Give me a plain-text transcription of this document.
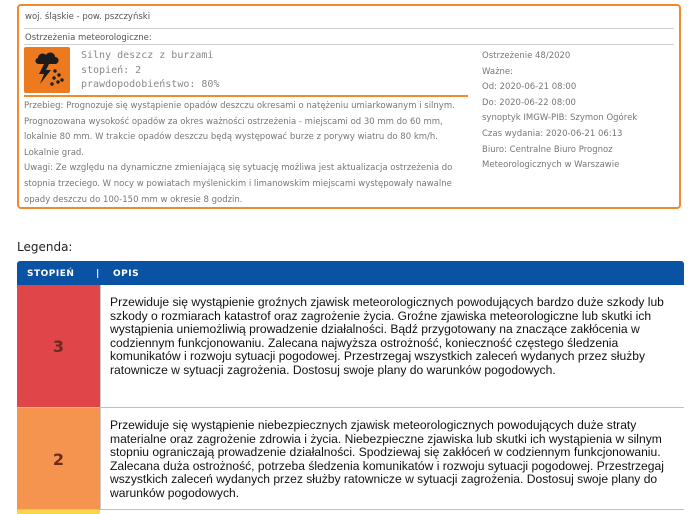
woj. śląskie - pow. pszczyński
Ostrzeżenia meteorologiczne:
Silny deszcz z burzami
stopień: 2
prawdopodobieństwo: 80%

Przebieg: Prognozuje się wystąpienie opadów deszczu okresami o natężeniu umiarkowanym i silnym. Prognozowana wysokość opadów za okres ważności ostrzeżenia - miejscami od 30 mm do 60 mm, lokalnie 80 mm. W trakcie opadów deszczu będą występować burze z porywy wiatru do 80 km/h. Lokalnie grad.

Uwagi: Ze względu na dynamiczne zmieniającą się sytuację możliwa jest aktualizacja ostrzeżenia do stopnia trzeciego. W nocy w powiatach myślenickim i limanowskim miejscami występowały nawalne opady deszczu do 100-150 mm w okresie 8 godzin.

Ostrzeżenie 48/2020
Ważne:
Od: 2020-06-21 08:00
Do: 2020-06-22 08:00
synoptyk IMGW-PIB: Szymon Ogórek
Czas wydania: 2020-06-21 06:13
Biuro: Centralne Biuro Prognoz Meteorologicznych w Warszawie
Legenda:
STOPIEŃ | OPIS
3
Przewiduje się wystąpienie groźnych zjawisk meteorologicznych powodujących bardzo duże szkody lub szkody o rozmiarach katastrof oraz zagrożenie życia. Groźne zjawiska meteorologiczne lub skutki ich wystąpienia uniemożliwią prowadzenie działalności. Bądź przygotowany na znaczące zakłócenia w codziennym funkcjonowaniu. Zalecana najwyższa ostrożność, konieczność częstego śledzenia komunikatów i rozwoju sytuacji pogodowej. Przestrzegaj wszystkich zaleceń wydanych przez służby ratownicze w sytuacji zagrożenia. Dostosuj swoje plany do warunków pogodowych.
2
Przewiduje się wystąpienie niebezpiecznych zjawisk meteorologicznych powodujących duże straty materialne oraz zagrożenie zdrowia i życia. Niebezpieczne zjawiska lub skutki ich wystąpienia w silnym stopniu ograniczają prowadzenie działalności. Spodziewaj się zakłóceń w codziennym funkcjonowaniu. Zalecana duża ostrożność, potrzeba śledzenia komunikatów i rozwoju sytuacji pogodowej. Przestrzegaj wszystkich zaleceń wydanych przez służby ratownicze w sytuacji zagrożenia. Dostosuj swoje plany do warunków pogodowych.
